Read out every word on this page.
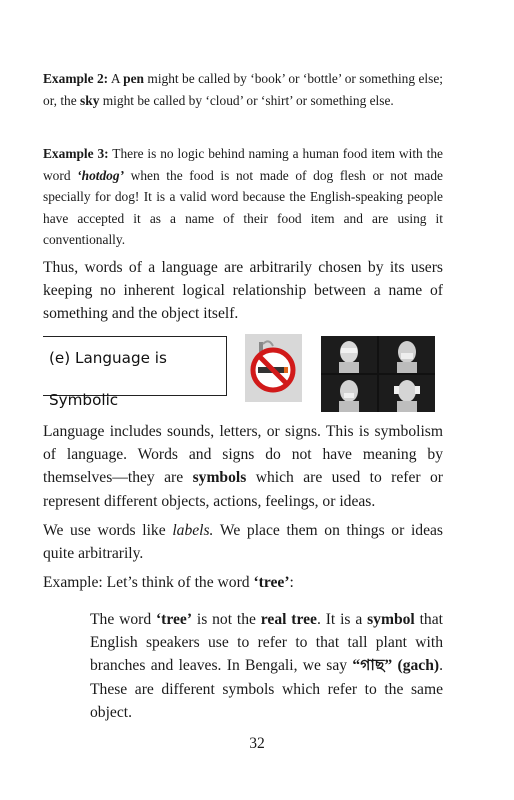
Example 2: A pen might be called by ‘book’ or ‘bottle’ or something else; or, the sky might be called by ‘cloud’ or ‘shirt’ or something else.

Example 3: There is no logic behind naming a human food item with the word ‘hotdog’ when the food is not made of dog flesh or not made specially for dog! It is a valid word because the English-speaking people have accepted it as a name of their food item and are using it conventionally.

Thus, words of a language are arbitrarily chosen by its users keeping no inherent logical relationship between a name of something and the object itself.

(e) Language is Symbolic

Language includes sounds, letters, or signs. This is symbolism of language. Words and signs do not have meaning by themselves—they are symbols which are used to refer or represent different objects, actions, feelings, or ideas.

We use words like labels. We place them on things or ideas quite arbitrarily.

Example: Let’s think of the word ‘tree’:

The word ‘tree’ is not the real tree. It is a symbol that English speakers use to refer to that tall plant with branches and leaves. In Bengali, we say “গাছ” (gach). These are different symbols which refer to the same object.

32
